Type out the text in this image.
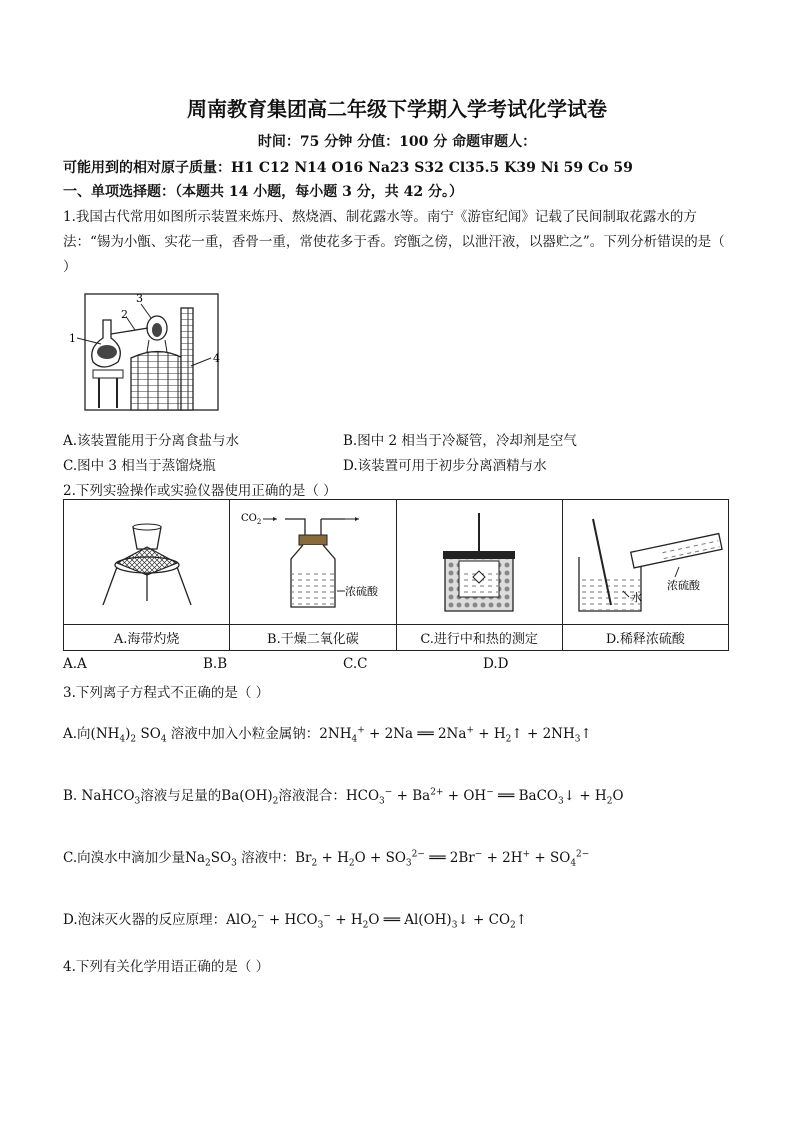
周南教育集团高二年级下学期入学考试化学试卷
时间：75 分钟 分值：100 分 命题审题人：
可能用到的相对原子质量：H1 C12 N14 O16 Na23 S32 Cl35.5 K39 Ni 59 Co 59
一、单项选择题：（本题共 14 小题，每小题 3 分，共 42 分。）
1.我国古代常用如图所示装置来炼丹、熬烧酒、制花露水等。南宁《游宦纪闻》记载了民间制取花露水的方法：“锡为小甑、实花一重，香骨一重，常使花多于香。窍甑之傍，以泄汗液，以器贮之”。下列分析错误的是（ ）
1
2
3
4
A.该装置能用于分离食盐与水	B.图中 2 相当于冷凝管，冷却剂是空气
C.图中 3 相当于蒸馏烧瓶	D.该装置可用于初步分离酒精与水
2.下列实验操作或实验仪器使用正确的是（ ）

$CO_2$
浓硫酸		水
浓硫酸

A.海带灼烧	B.干燥二氧化碳	C.进行中和热的测定	D.稀释浓硫酸
A.A	B.B	C.C	D.D
3.下列离子方程式不正确的是（ ）
A.向$(NH_4)_2$ $SO_4$ 溶液中加入小粒金属钠：$2NH_4^+ + 2Na$ ══ $2Na^+ + H_2↑$ + $2NH_3↑$
B. NaHCO$_3$溶液与足量的$Ba(OH)_2$溶液混合：$HCO_3^- + Ba^{2+} + OH^-$ ══ BaCO$_3$↓ + $H_2O$
C.向溴水中滴加少量$Na_2SO_3$ 溶液中：$Br_2 + H_2O + SO_3^{2-}$ ══ $2Br^- + 2H^+ + SO_4^{2-}$
D.泡沫灭火器的反应原理：$AlO_2^- + HCO_3^- + H_2O$ ══ $Al(OH)_3↓$ + $CO_2↑$
4.下列有关化学用语正确的是（ ）
